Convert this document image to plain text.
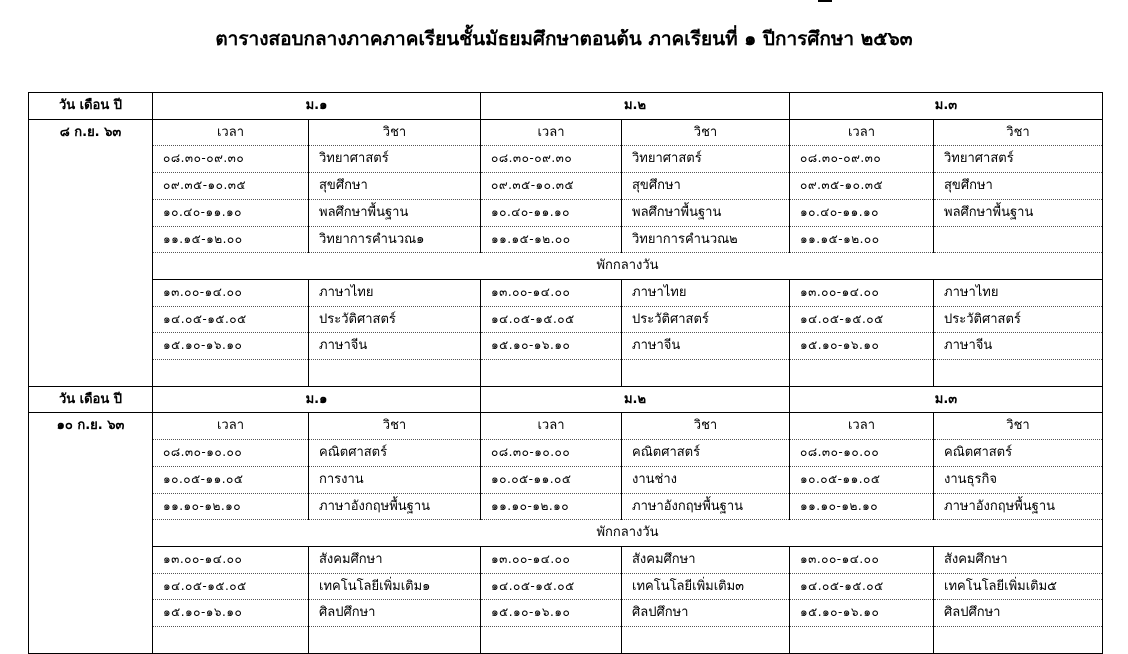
ตารางสอบกลางภาคภาคเรียนชั้นมัธยมศึกษาตอนต้น ภาคเรียนที่ ๑ ปีการศึกษา ๒๕๖๓
วัน เดือน ปี	ม.๑		ม.๒		ม.๓	
๘ ก.ย. ๖๓	เวลา	วิชา	เวลา	วิชา	เวลา	วิชา
	๐๘.๓๐-๐๙.๓๐	วิทยาศาสตร์	๐๘.๓๐-๐๙.๓๐	วิทยาศาสตร์	๐๘.๓๐-๐๙.๓๐	วิทยาศาสตร์
	๐๙.๓๕-๑๐.๓๕	สุขศึกษา	๐๙.๓๕-๑๐.๓๕	สุขศึกษา	๐๙.๓๕-๑๐.๓๕	สุขศึกษา
	๑๐.๔๐-๑๑.๑๐	พลศึกษาพื้นฐาน	๑๐.๔๐-๑๑.๑๐	พลศึกษาพื้นฐาน	๑๐.๔๐-๑๑.๑๐	พลศึกษาพื้นฐาน
	๑๑.๑๕-๑๒.๐๐	วิทยาการคำนวณ๑	๑๑.๑๕-๑๒.๐๐	วิทยาการคำนวณ๒	๑๑.๑๕-๑๒.๐๐	
	พักกลางวัน					
	๑๓.๐๐-๑๔.๐๐	ภาษาไทย	๑๓.๐๐-๑๔.๐๐	ภาษาไทย	๑๓.๐๐-๑๔.๐๐	ภาษาไทย
	๑๔.๐๕-๑๕.๐๕	ประวัติศาสตร์	๑๔.๐๕-๑๕.๐๕	ประวัติศาสตร์	๑๔.๐๕-๑๕.๐๕	ประวัติศาสตร์
	๑๕.๑๐-๑๖.๑๐	ภาษาจีน	๑๕.๑๐-๑๖.๑๐	ภาษาจีน	๑๕.๑๐-๑๖.๑๐	ภาษาจีน

วัน เดือน ปี	ม.๑		ม.๒		ม.๓	
๑๐ ก.ย. ๖๓	เวลา	วิชา	เวลา	วิชา	เวลา	วิชา
	๐๘.๓๐-๑๐.๐๐	คณิตศาสตร์	๐๘.๓๐-๑๐.๐๐	คณิตศาสตร์	๐๘.๓๐-๑๐.๐๐	คณิตศาสตร์
	๑๐.๐๕-๑๑.๐๕	การงาน	๑๐.๐๕-๑๑.๐๕	งานช่าง	๑๐.๐๕-๑๑.๐๕	งานธุรกิจ
	๑๑.๑๐-๑๒.๑๐	ภาษาอังกฤษพื้นฐาน	๑๑.๑๐-๑๒.๑๐	ภาษาอังกฤษพื้นฐาน	๑๑.๑๐-๑๒.๑๐	ภาษาอังกฤษพื้นฐาน
	พักกลางวัน					
	๑๓.๐๐-๑๔.๐๐	สังคมศึกษา	๑๓.๐๐-๑๔.๐๐	สังคมศึกษา	๑๓.๐๐-๑๔.๐๐	สังคมศึกษา
	๑๔.๐๕-๑๕.๐๕	เทคโนโลยีเพิ่มเติม๑	๑๔.๐๕-๑๕.๐๕	เทคโนโลยีเพิ่มเติม๓	๑๔.๐๕-๑๕.๐๕	เทคโนโลยีเพิ่มเติม๕
	๑๕.๑๐-๑๖.๑๐	ศิลปศึกษา	๑๕.๑๐-๑๖.๑๐	ศิลปศึกษา	๑๕.๑๐-๑๖.๑๐	ศิลปศึกษา
